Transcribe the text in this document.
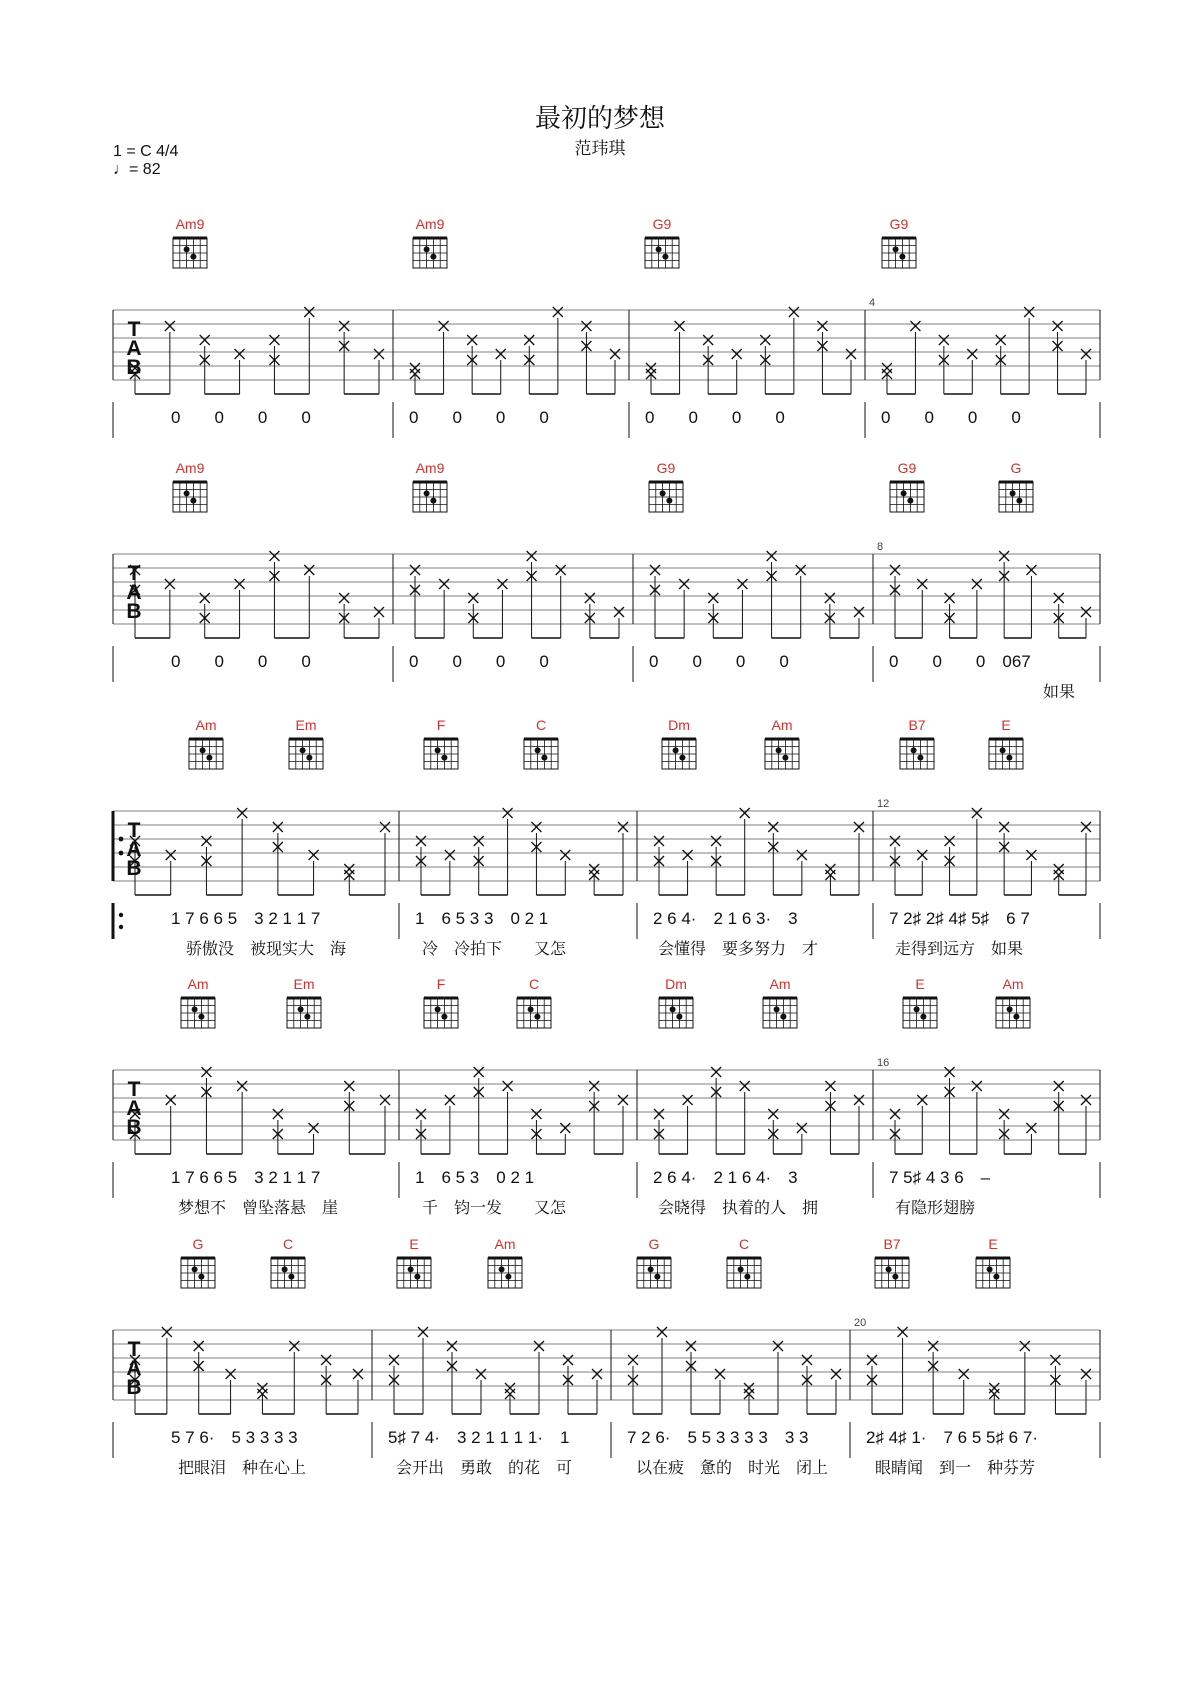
最初的梦想
范玮琪
1 = C 4/4
♩= 82
Am9	Am9	G9	G9
T
A
B
4
0　　0　　0　　0	0　　0　　0　　0	0　　0　　0　　0	0　　0　　0　　0
Am9	Am9	G9	G9	G
T
A
B
8
0　　0　　0　　0	0　　0　　0　　0	0　　0　　0　　0	0　　0　　0　067
如果
Am	Em	F	C	Dm	Am	B7	E
T
A
B
12
1 7 6 6 5　3 2 1 1 7	1　6 5 3 3　0 2 1	2 6 4·　2 1 6 3·　3	7 2♯ 2♯ 4♯ 5♯　6 7
骄傲没　被现实大　海	冷　冷拍下　　又怎	会懂得　要多努力　才	走得到远方　如果
Am	Em	F	C	Dm	Am	E	Am
T
A
B
16
1 7 6 6 5　3 2 1 1 7	1　6 5 3　0 2 1	2 6 4·　2 1 6 4·　3	7 5♯ 4 3 6　–
梦想不　曾坠落悬　崖	千　钧一发　　又怎	会晓得　执着的人　拥	有隐形翅膀
G	C	E	Am	G	C	B7	E
T
A
B
20
5 7 6·　5 3 3 3 3	5♯ 7 4·　3 2 1 1 1 1·　1	7 2 6·　5 5 3 3 3 3　3 3	2♯ 4♯ 1·　7 6 5 5♯ 6 7·
把眼泪　种在心上	会开出　勇敢　的花　可	以在疲　惫的　时光　闭上	眼睛闻　到一　种芬芳
